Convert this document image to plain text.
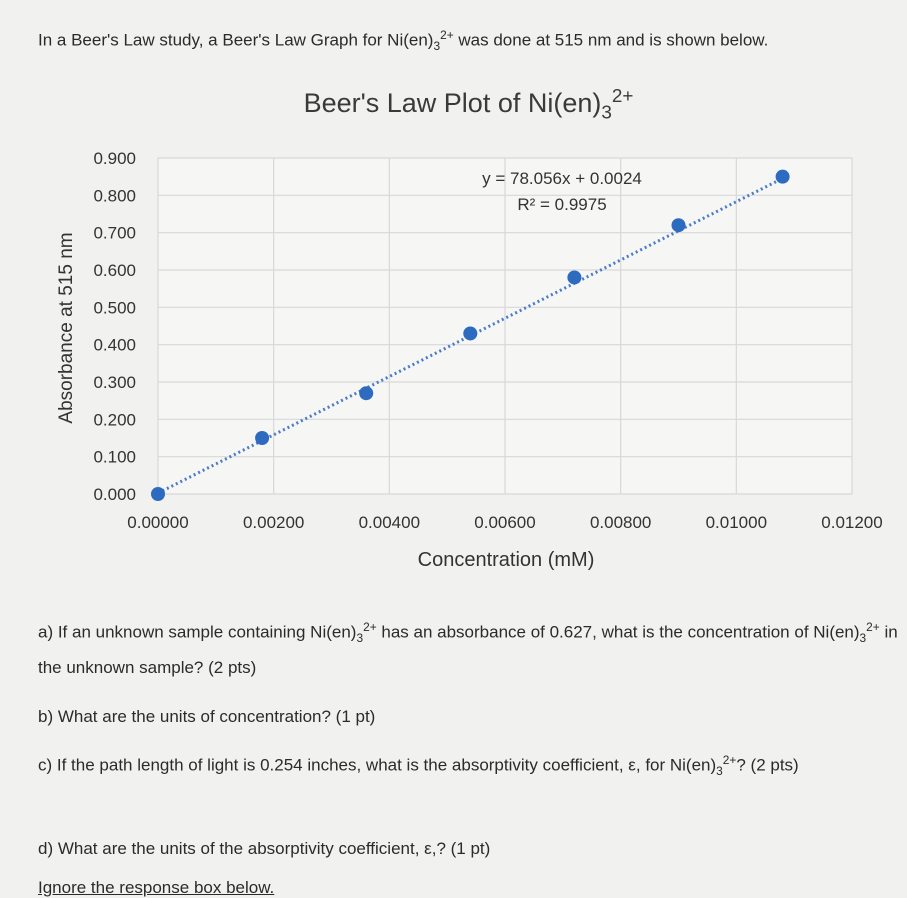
In a Beer's Law study, a Beer's Law Graph for $Ni(en)_3^{2+}$ was done at 515 nm and is shown below.

Beer's Law Plot of $Ni(en)_3^{2+}$
0.000
0.100
0.200
0.300
0.400
0.500
0.600
0.700
0.800
0.900
0.00000	0.00200	0.00400	0.00600	0.00800	0.01000	0.01200
y = 78.056x + 0.0024
R² = 0.9975
Concentration (mM)
Absorbance at 515 nm

a) If an unknown sample containing $Ni(en)_3^{2+}$ has an absorbance of 0.627, what is the concentration of $Ni(en)_3^{2+}$ in the unknown sample? (2 pts)

b) What are the units of concentration? (1 pt)

c) If the path length of light is 0.254 inches, what is the absorptivity coefficient, ε, for $Ni(en)_3^{2+}$? (2 pts)

d) What are the units of the absorptivity coefficient, ε,? (1 pt)

Ignore the response box below.
